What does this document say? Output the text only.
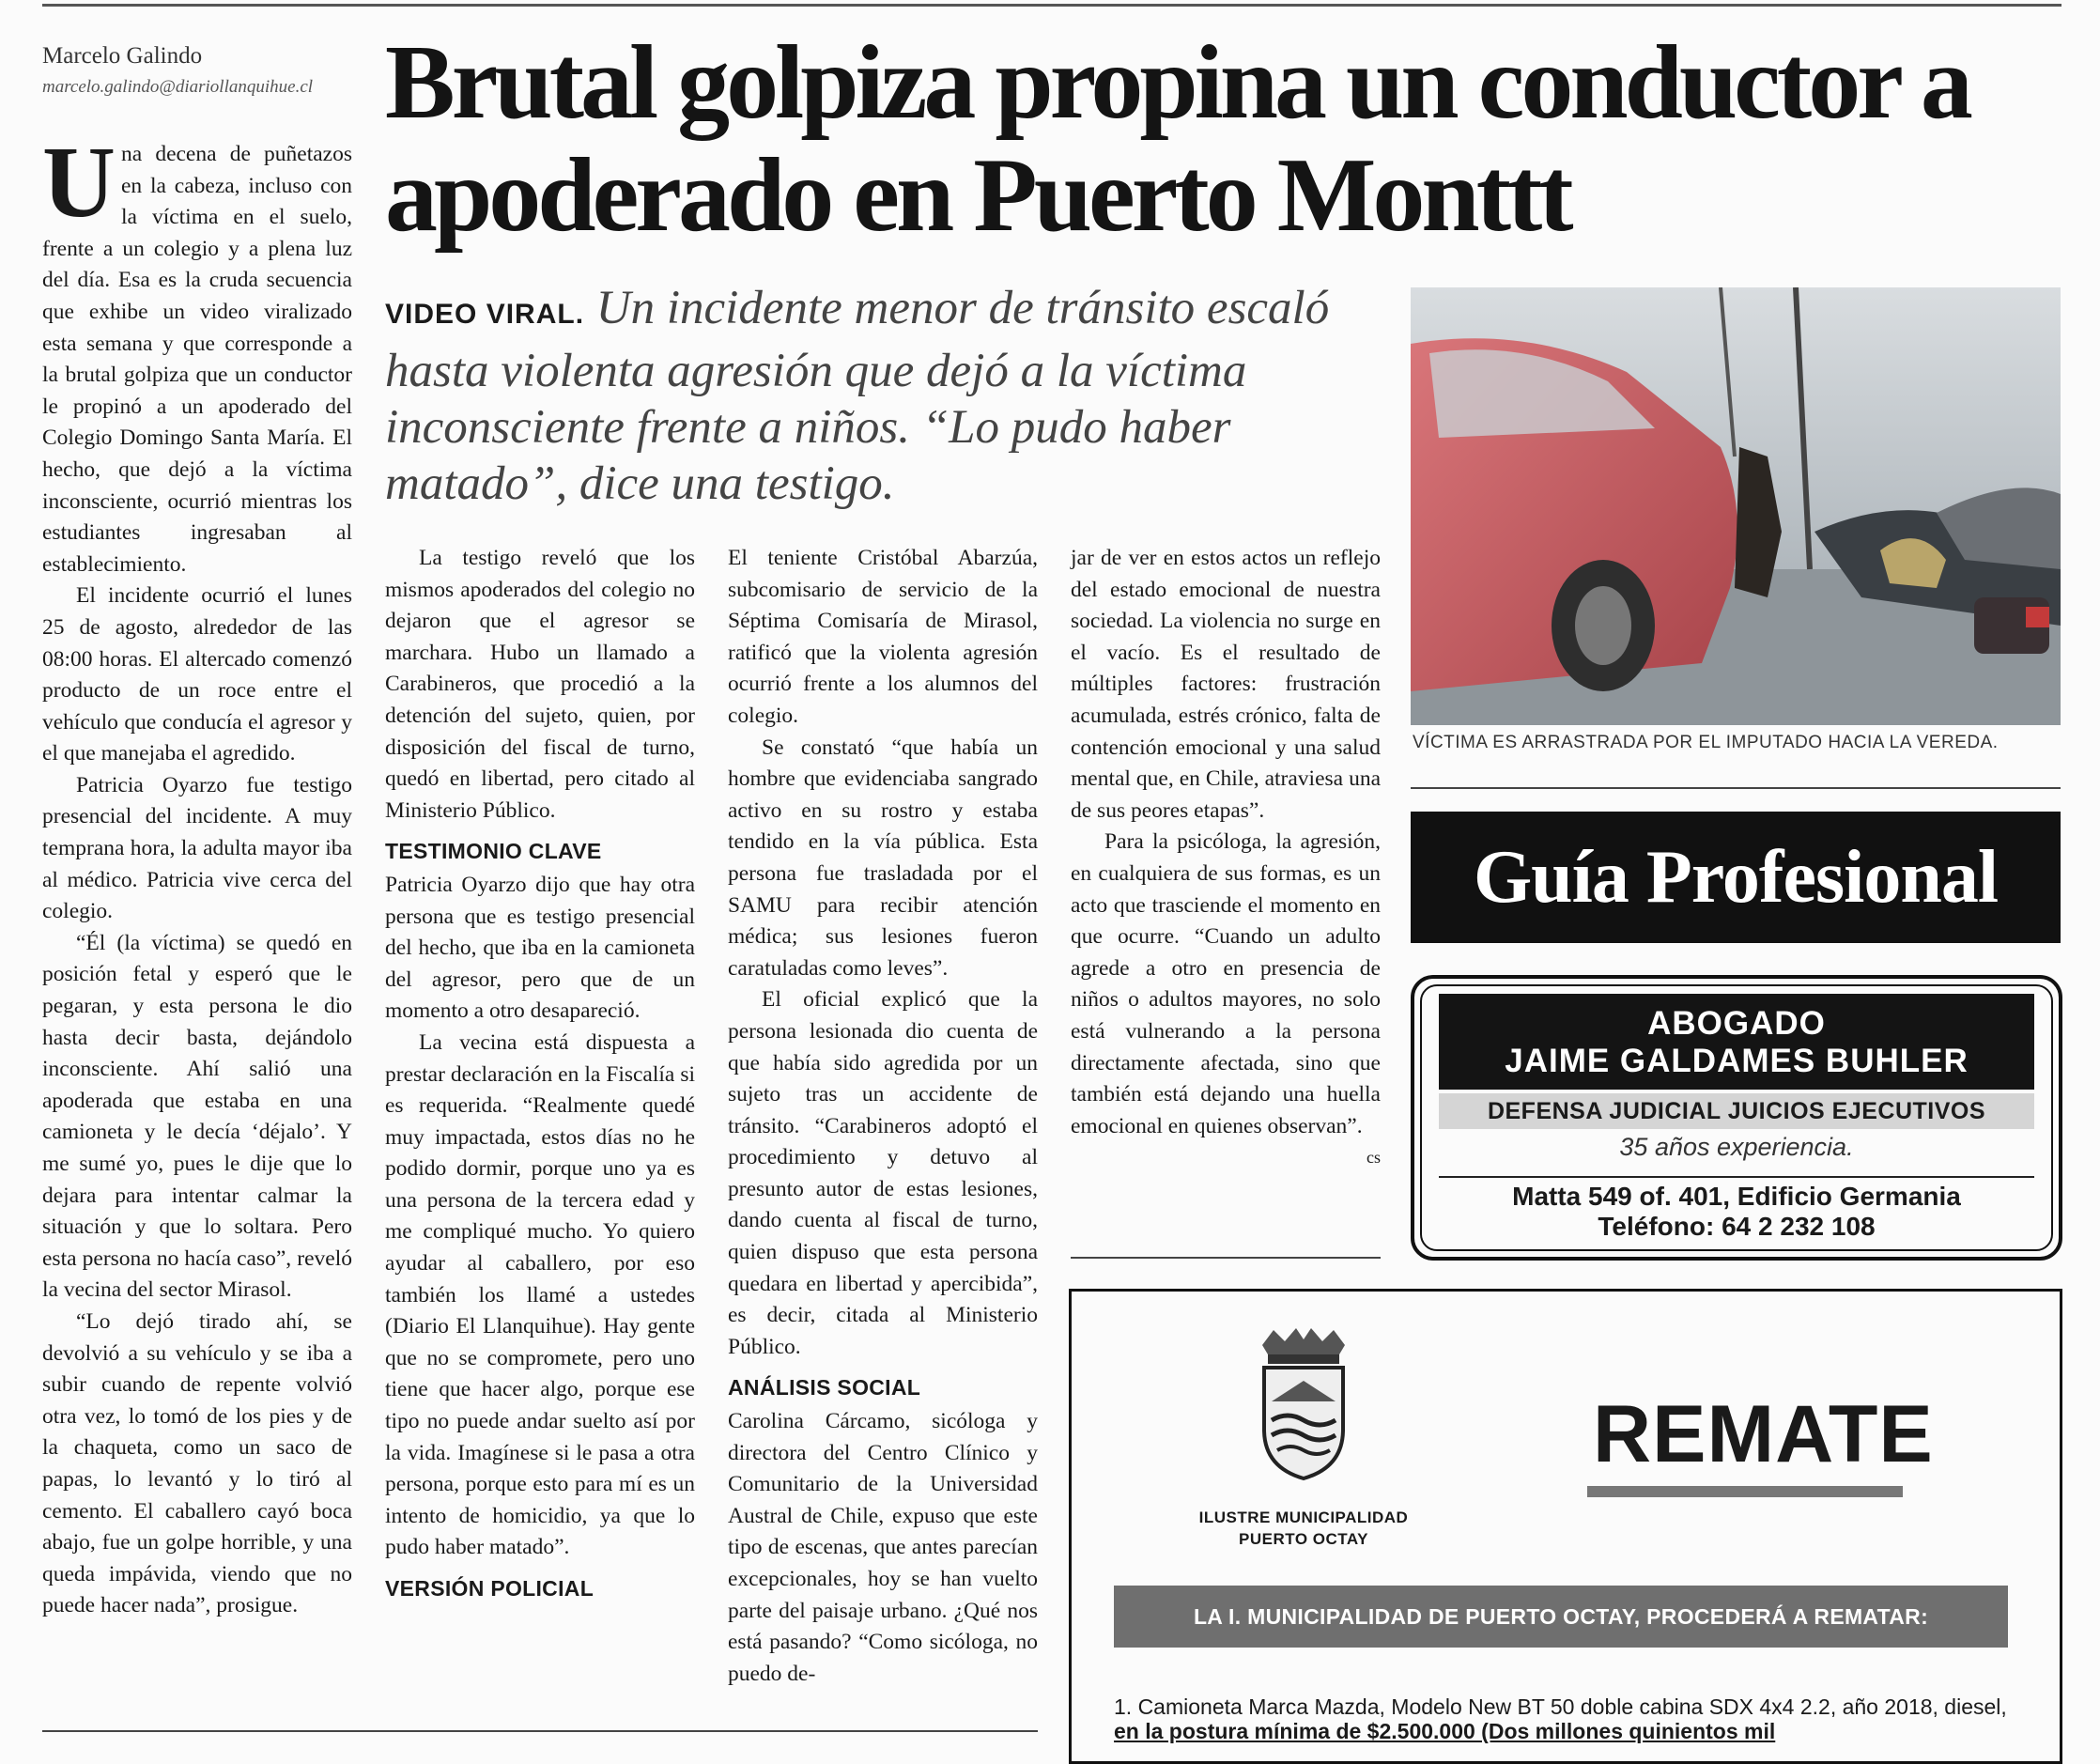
Marcelo Galindo
marcelo.galindo@diariollanquihue.cl Brutal golpiza propina un conductor a apoderado en Puerto Monttt
VIDEO VIRAL. Un incidente menor de tránsito escaló hasta violenta agresión que dejó a la víctima inconsciente frente a niños. “Lo pudo haber matado”, dice una testigo.

Una decena de puñetazos en la cabeza, incluso con la víctima en el suelo, frente a un colegio y a plena luz del día. Esa es la cruda secuencia que exhibe un video viralizado esta semana y que corresponde a la brutal golpiza que un conductor le propinó a un apoderado del Colegio Domingo Santa María. El hecho, que dejó a la víctima inconsciente, ocurrió mientras los estudiantes ingresaban al establecimiento.

El incidente ocurrió el lunes 25 de agosto, alrededor de las 08:00 horas. El altercado comenzó producto de un roce entre el vehículo que conducía el agresor y el que manejaba el agredido.

Patricia Oyarzo fue testigo presencial del incidente. A muy temprana hora, la adulta mayor iba al médico. Patricia vive cerca del colegio.

“Él (la víctima) se quedó en posición fetal y esperó que le pegaran, y esta persona le dio hasta decir basta, dejándolo inconsciente. Ahí salió una apoderada que estaba en una camioneta y le decía ‘déjalo’. Y me sumé yo, pues le dije que lo dejara para intentar calmar la situación y que lo soltara. Pero esta persona no hacía caso”, reveló la vecina del sector Mirasol.

“Lo dejó tirado ahí, se devolvió a su vehículo y se iba a subir cuando de repente volvió otra vez, lo tomó de los pies y de la chaqueta, como un saco de papas, lo levantó y lo tiró al cemento. El caballero cayó boca abajo, fue un golpe horrible, y una queda impávida, viendo que no puede hacer nada”, prosigue.

La testigo reveló que los mismos apoderados del colegio no dejaron que el agresor se marchara. Hubo un llamado a Carabineros, que procedió a la detención del sujeto, quien, por disposición del fiscal de turno, quedó en libertad, pero citado al Ministerio Público.

TESTIMONIO CLAVE

Patricia Oyarzo dijo que hay otra persona que es testigo presencial del hecho, que iba en la camioneta del agresor, pero que de un momento a otro desapareció.

La vecina está dispuesta a prestar declaración en la Fiscalía si es requerida. “Realmente quedé muy impactada, estos días no he podido dormir, porque uno ya es una persona de la tercera edad y me compliqué mucho. Yo quiero ayudar al caballero, por eso también los llamé a ustedes (Diario El Llanquihue). Hay gente que no se compromete, pero uno tiene que hacer algo, porque ese tipo no puede andar suelto así por la vida. Imagínese si le pasa a otra persona, porque esto para mí es un intento de homicidio, ya que lo pudo haber matado”.

VERSIÓN POLICIAL

El teniente Cristóbal Abarzúa, subcomisario de servicio de la Séptima Comisaría de Mirasol, ratificó que la violenta agresión ocurrió frente a los alumnos del colegio.

Se constató “que había un hombre que evidenciaba sangrado activo en su rostro y estaba tendido en la vía pública. Esta persona fue trasladada por el SAMU para recibir atención médica; sus lesiones fueron caratuladas como leves”.

El oficial explicó que la persona lesionada dio cuenta de que había sido agredida por un sujeto tras un accidente de tránsito. “Carabineros adoptó el procedimiento y detuvo al presunto autor de estas lesiones, dando cuenta al fiscal de turno, quien dispuso que esta persona quedara en libertad y apercibida”, es decir, citada al Ministerio Público.

ANÁLISIS SOCIAL

Carolina Cárcamo, sicóloga y directora del Centro Clínico y Comunitario de la Universidad Austral de Chile, expuso que este tipo de escenas, que antes parecían excepcionales, hoy se han vuelto parte del paisaje urbano. ¿Qué nos está pasando? “Como sicóloga, no puedo de-

jar de ver en estos actos un reflejo del estado emocional de nuestra sociedad. La violencia no surge en el vacío. Es el resultado de múltiples factores: frustración acumulada, estrés crónico, falta de contención emocional y una salud mental que, en Chile, atraviesa una de sus peores etapas”.

Para la psicóloga, la agresión, en cualquiera de sus formas, es un acto que trasciende el momento en que ocurre. “Cuando un adulto agrede a otro en presencia de niños o adultos mayores, no solo está vulnerando a la persona directamente afectada, sino que también está dejando una huella emocional en quienes observan”.
cs

VÍCTIMA ES ARRASTRADA POR EL IMPUTADO HACIA LA VEREDA.
Guía Profesional
ABOGADO
JAIME GALDAMES BUHLER
DEFENSA JUDICIAL JUICIOS EJECUTIVOS
35 años experiencia.
Matta 549 of. 401, Edificio Germania
Teléfono: 64 2 232 108
ILUSTRE MUNICIPALIDAD
PUERTO OCTAY
REMATE
LA I. MUNICIPALIDAD DE PUERTO OCTAY, PROCEDERÁ A REMATAR:
1. Camioneta Marca Mazda, Modelo New BT 50 doble cabina SDX 4x4 2.2, año 2018, diesel,
en la postura mínima de $2.500.000 (Dos millones quinientos mil
